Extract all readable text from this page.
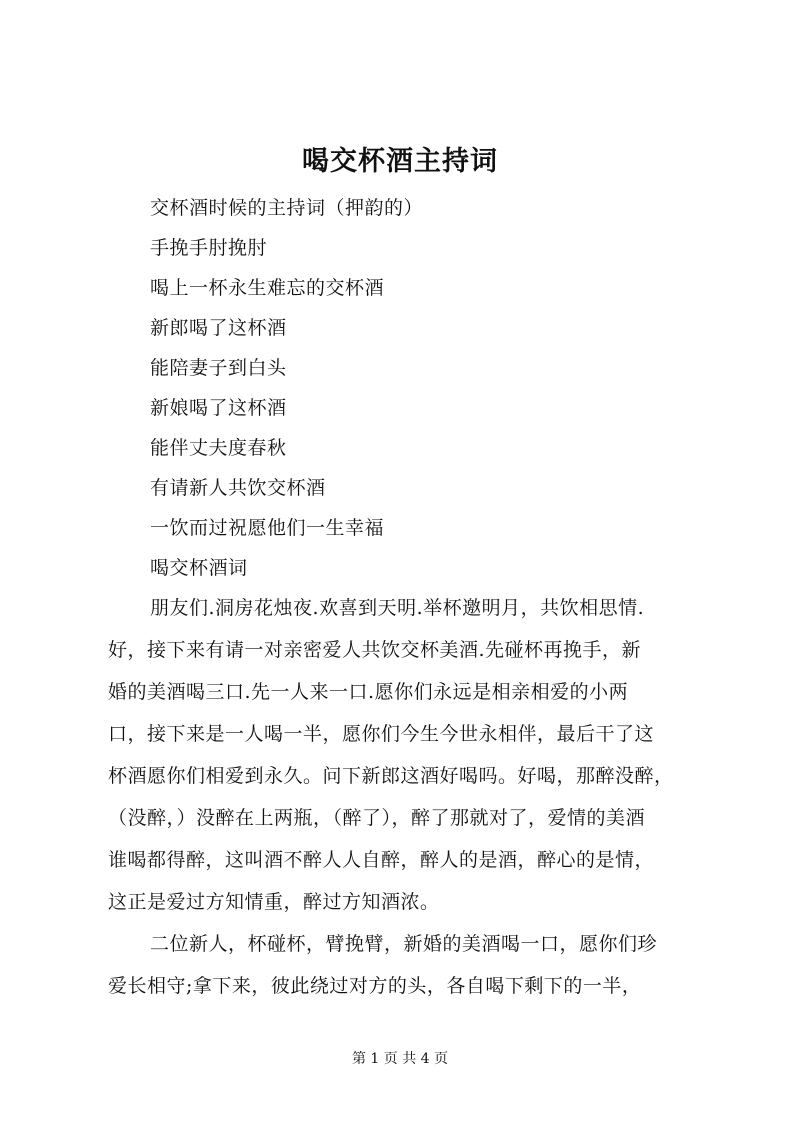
喝交杯酒主持词
交杯酒时候的主持词（押韵的）
手挽手肘挽肘
喝上一杯永生难忘的交杯酒
新郎喝了这杯酒
能陪妻子到白头
新娘喝了这杯酒
能伴丈夫度春秋
有请新人共饮交杯酒
一饮而过祝愿他们一生幸福
喝交杯酒词
朋友们.洞房花烛夜.欢喜到天明.举杯邀明月，共饮相思情.
好，接下来有请一对亲密爱人共饮交杯美酒.先碰杯再挽手，新
婚的美酒喝三口.先一人来一口.愿你们永远是相亲相爱的小两
口，接下来是一人喝一半，愿你们今生今世永相伴，最后干了这
杯酒愿你们相爱到永久。问下新郎这酒好喝吗。好喝，那醉没醉，
（没醉，）没醉在上两瓶，（醉了），醉了那就对了，爱情的美酒
谁喝都得醉，这叫酒不醉人人自醉，醉人的是酒，醉心的是情，
这正是爱过方知情重，醉过方知酒浓。
二位新人，杯碰杯，臂挽臂，新婚的美酒喝一口，愿你们珍
爱长相守;拿下来，彼此绕过对方的头，各自喝下剩下的一半，
第 1 页 共 4 页
